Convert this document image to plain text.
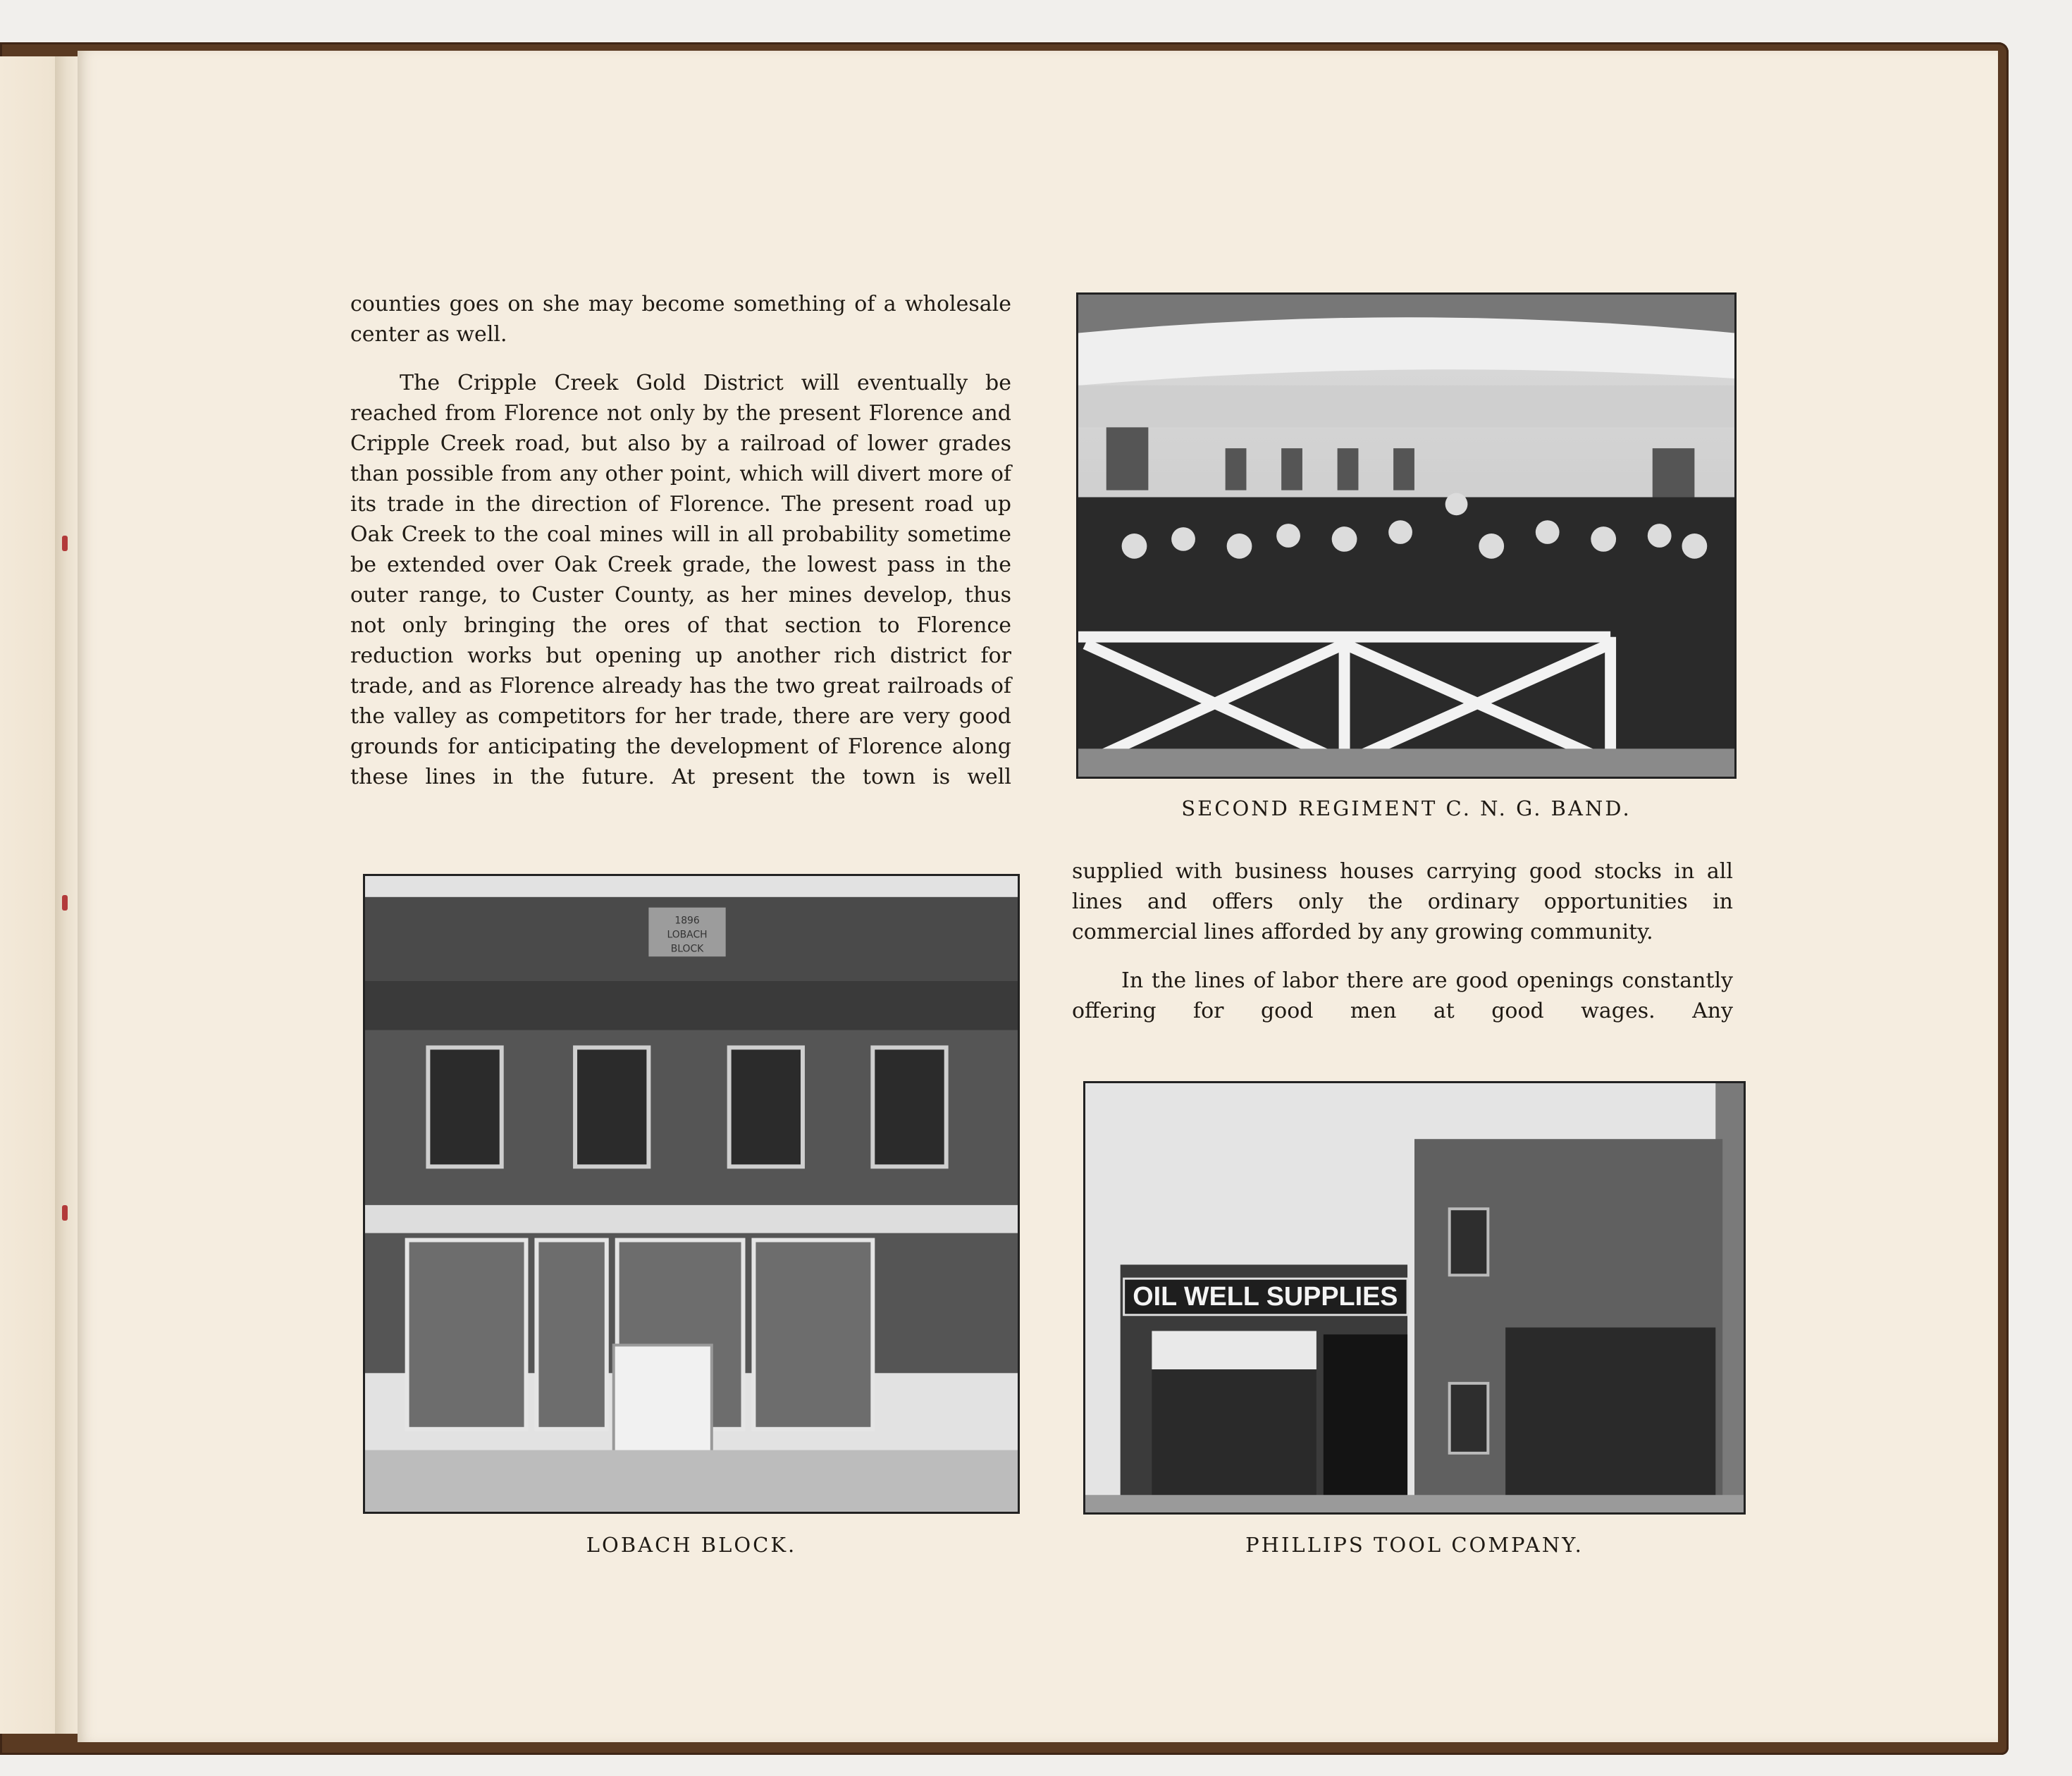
counties goes on she may become something of a wholesale center as well.

The Cripple Creek Gold District will eventually be reached from Florence not only by the present Florence and Cripple Creek road, but also by a railroad of lower grades than possible from any other point, which will divert more of its trade in the direction of Florence. The present road up Oak Creek to the coal mines will in all probability sometime be extended over Oak Creek grade, the lowest pass in the outer range, to Custer County, as her mines develop, thus not only bringing the ores of that section to Florence reduction works but opening up another rich district for trade, and as Florence already has the two great railroads of the valley as competitors for her trade, there are very good grounds for anticipating the development of Florence along these lines in the future. At present the town is well

supplied with business houses carrying good stocks in all lines and offers only the ordinary opportunities in commercial lines afforded by any growing community.

In the lines of labor there are good openings constantly offering for good men at good wages. Any

SECOND REGIMENT C. N. G. BAND.
1896
LOBACH
BLOCK
LOBACH BLOCK.
OIL WELL SUPPLIES
PHILLIPS TOOL COMPANY.
